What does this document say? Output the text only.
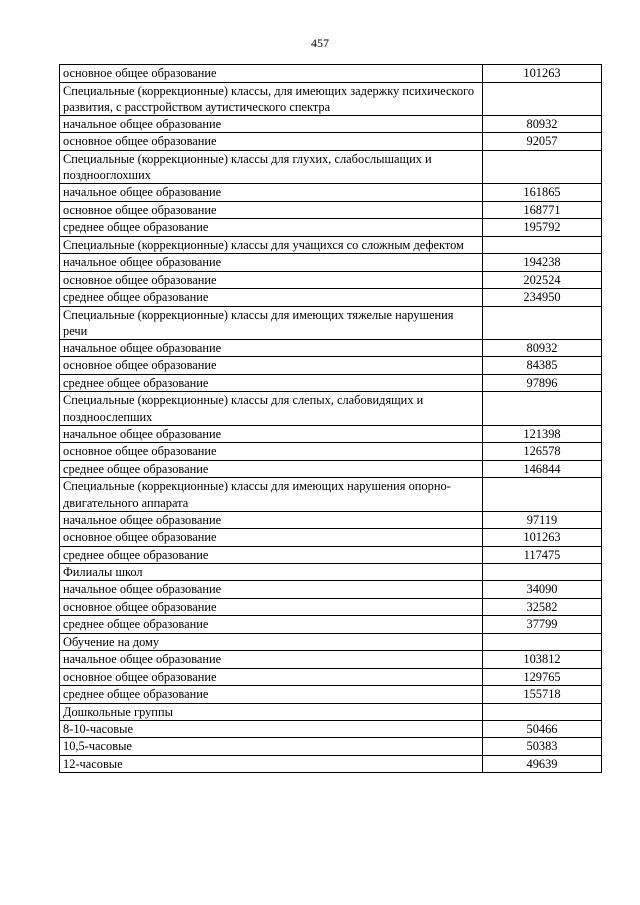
457
основное общее образование	101263
Специальные (коррекционные) классы, для имеющих задержку психического развития, с расстройством аутистического спектра	
начальное общее образование	80932
основное общее образование	92057
Специальные (коррекционные) классы для глухих, слабослышащих и позднооглохших	
начальное общее образование	161865
основное общее образование	168771
среднее общее образование	195792
Специальные (коррекционные) классы для учащихся со сложным дефектом	
начальное общее образование	194238
основное общее образование	202524
среднее общее образование	234950
Специальные (коррекционные) классы для имеющих тяжелые нарушения речи	
начальное общее образование	80932
основное общее образование	84385
среднее общее образование	97896
Специальные (коррекционные) классы для слепых, слабовидящих и поздноослепших	
начальное общее образование	121398
основное общее образование	126578
среднее общее образование	146844
Специальные (коррекционные) классы для имеющих нарушения опорно-двигательного аппарата	
начальное общее образование	97119
основное общее образование	101263
среднее общее образование	117475
Филиалы школ	
начальное общее образование	34090
основное общее образование	32582
среднее общее образование	37799
Обучение на дому	
начальное общее образование	103812
основное общее образование	129765
среднее общее образование	155718
Дошкольные группы	
8-10-часовые	50466
10,5-часовые	50383
12-часовые	49639
